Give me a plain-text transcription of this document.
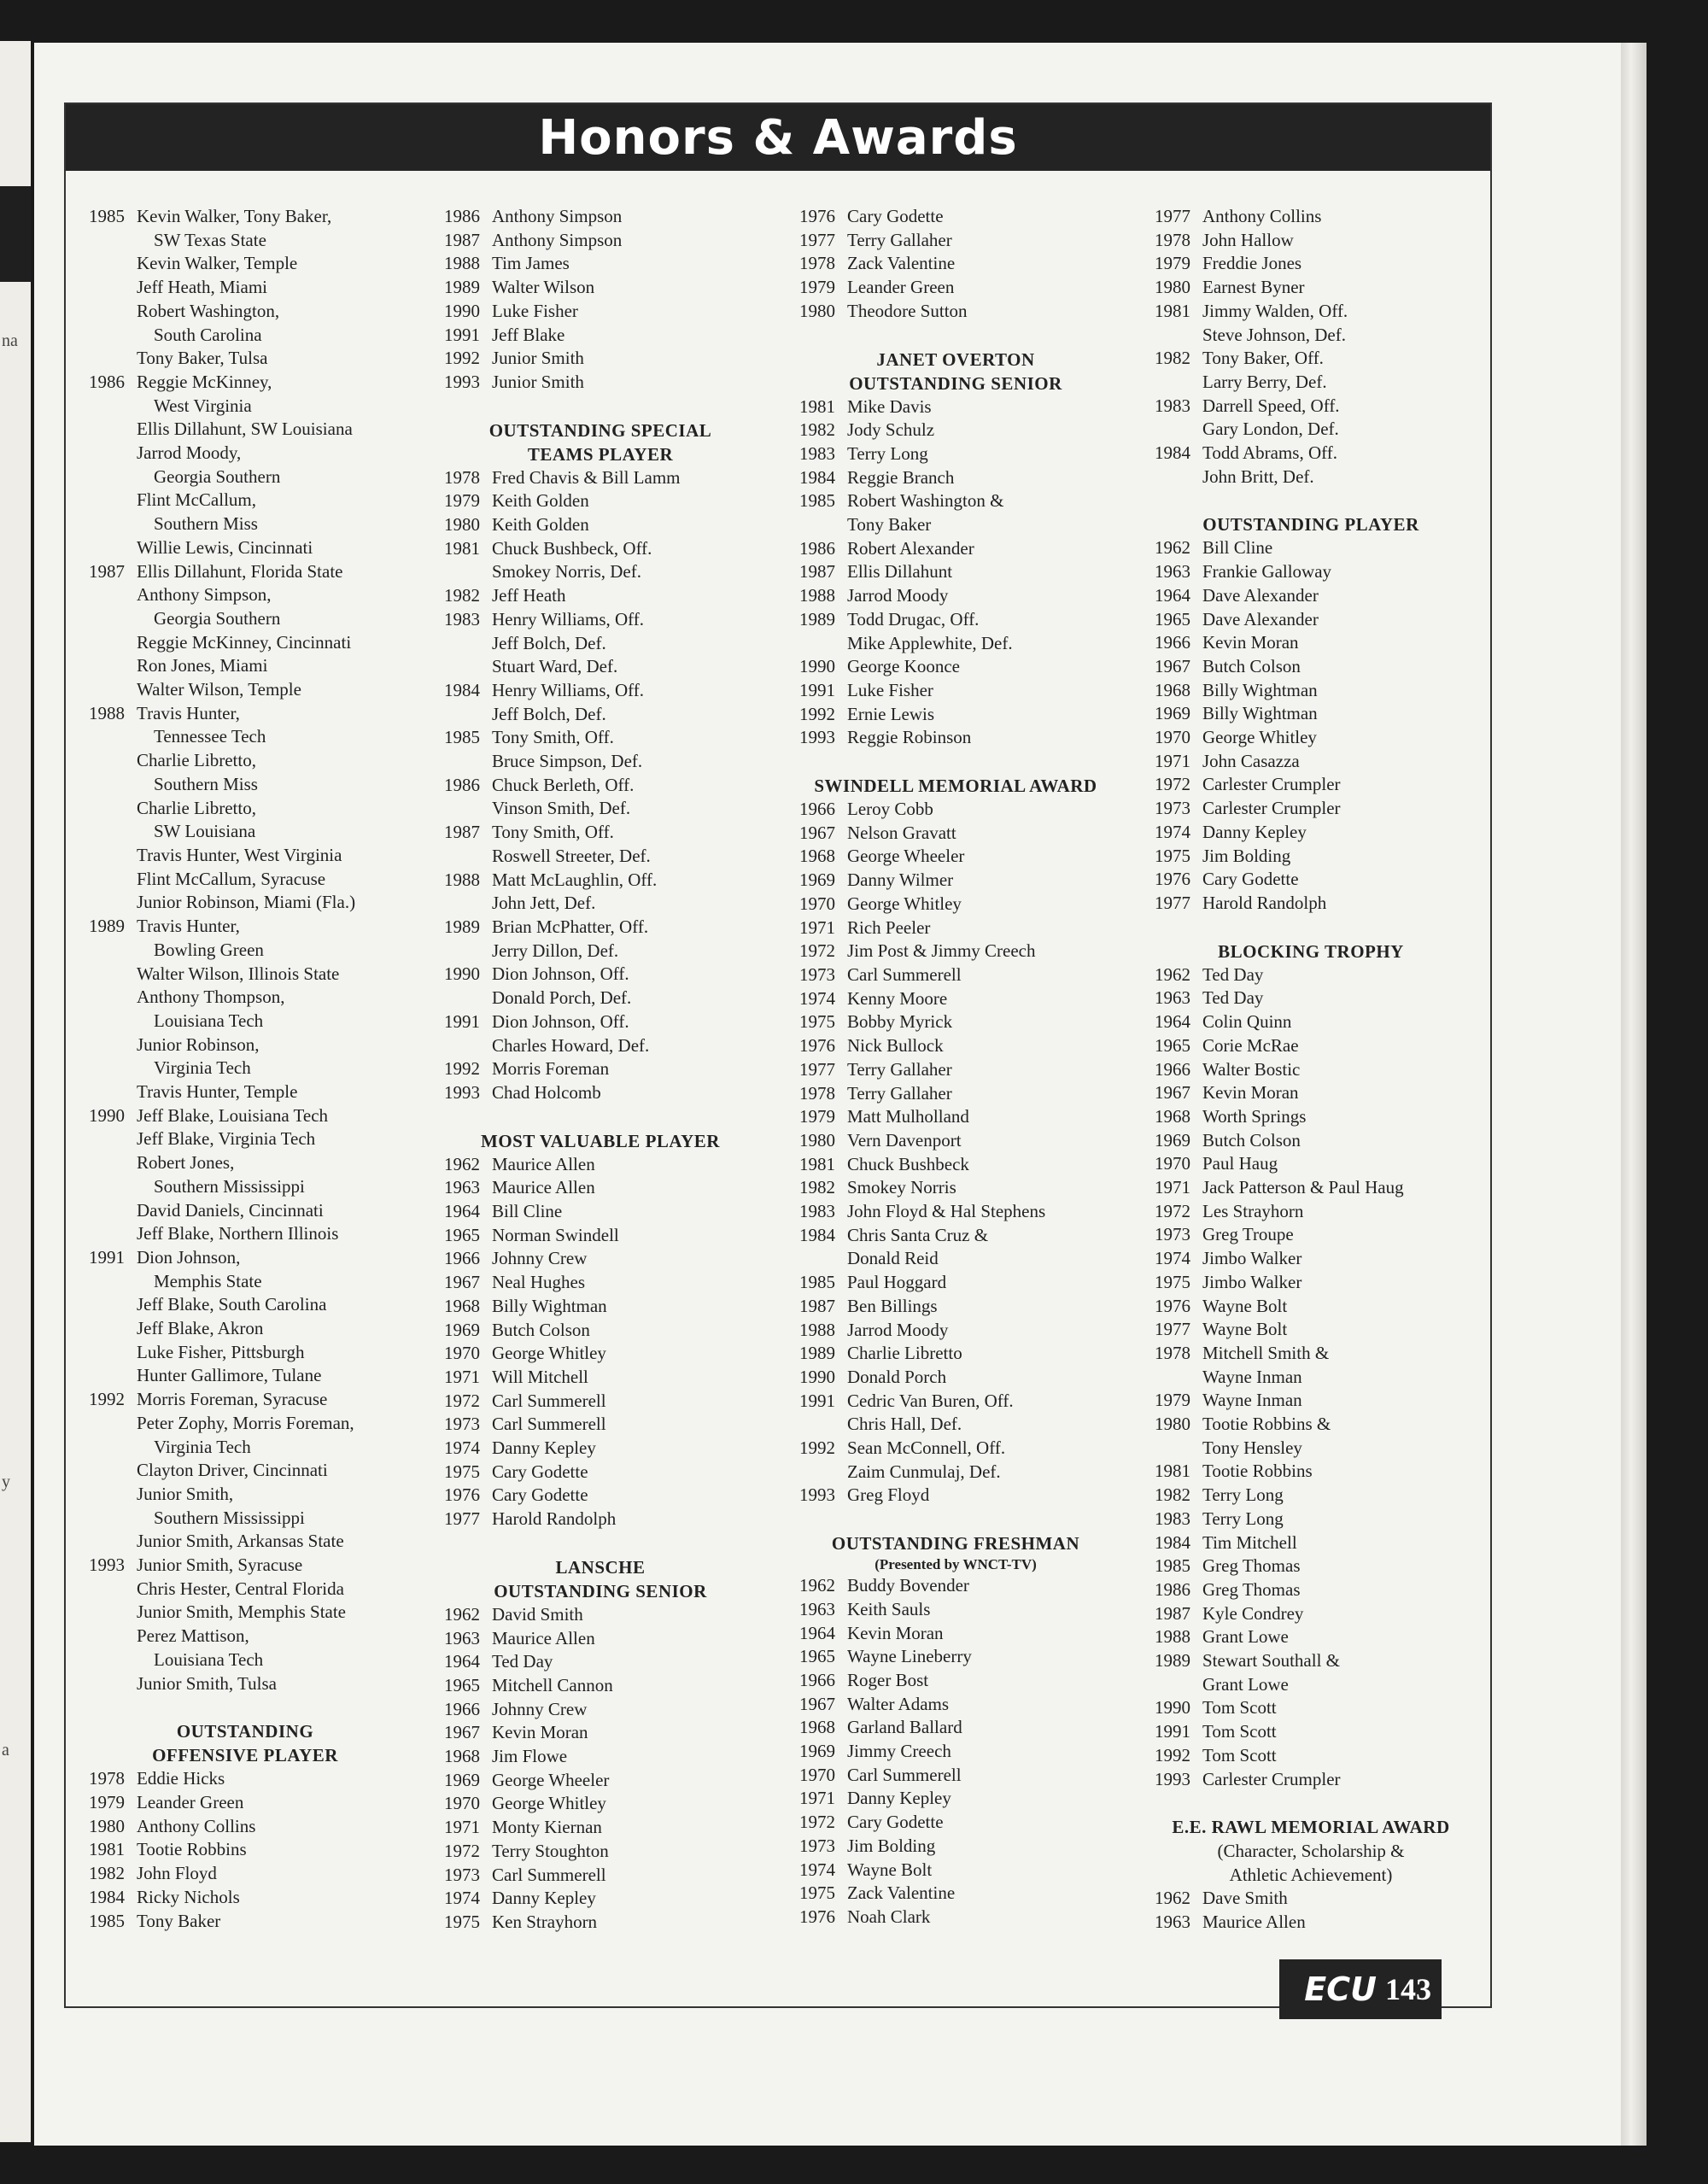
na
y
a
Honors & Awards
1985 Kevin Walker, Tony Baker,
SW Texas State
Kevin Walker, Temple
Jeff Heath, Miami
Robert Washington,
South Carolina
Tony Baker, Tulsa
1986 Reggie McKinney,
West Virginia
Ellis Dillahunt, SW Louisiana
Jarrod Moody,
Georgia Southern
Flint McCallum,
Southern Miss
Willie Lewis, Cincinnati
1987 Ellis Dillahunt, Florida State
Anthony Simpson,
Georgia Southern
Reggie McKinney, Cincinnati
Ron Jones, Miami
Walter Wilson, Temple
1988 Travis Hunter,
Tennessee Tech
Charlie Libretto,
Southern Miss
Charlie Libretto,
SW Louisiana
Travis Hunter, West Virginia
Flint McCallum, Syracuse
Junior Robinson, Miami (Fla.)
1989 Travis Hunter,
Bowling Green
Walter Wilson, Illinois State
Anthony Thompson,
Louisiana Tech
Junior Robinson,
Virginia Tech
Travis Hunter, Temple
1990 Jeff Blake, Louisiana Tech
Jeff Blake, Virginia Tech
Robert Jones,
Southern Mississippi
David Daniels, Cincinnati
Jeff Blake, Northern Illinois
1991 Dion Johnson,
Memphis State
Jeff Blake, South Carolina
Jeff Blake, Akron
Luke Fisher, Pittsburgh
Hunter Gallimore, Tulane
1992 Morris Foreman, Syracuse
Peter Zophy, Morris Foreman,
Virginia Tech
Clayton Driver, Cincinnati
Junior Smith,
Southern Mississippi
Junior Smith, Arkansas State
1993 Junior Smith, Syracuse
Chris Hester, Central Florida
Junior Smith, Memphis State
Perez Mattison,
Louisiana Tech
Junior Smith, Tulsa
OUTSTANDING
OFFENSIVE PLAYER
1978 Eddie Hicks
1979 Leander Green
1980 Anthony Collins
1981 Tootie Robbins
1982 John Floyd
1984 Ricky Nichols
1985 Tony Baker
1986 Anthony Simpson
1987 Anthony Simpson
1988 Tim James
1989 Walter Wilson
1990 Luke Fisher
1991 Jeff Blake
1992 Junior Smith
1993 Junior Smith
OUTSTANDING SPECIAL
TEAMS PLAYER
1978 Fred Chavis & Bill Lamm
1979 Keith Golden
1980 Keith Golden
1981 Chuck Bushbeck, Off.
Smokey Norris, Def.
1982 Jeff Heath
1983 Henry Williams, Off.
Jeff Bolch, Def.
Stuart Ward, Def.
1984 Henry Williams, Off.
Jeff Bolch, Def.
1985 Tony Smith, Off.
Bruce Simpson, Def.
1986 Chuck Berleth, Off.
Vinson Smith, Def.
1987 Tony Smith, Off.
Roswell Streeter, Def.
1988 Matt McLaughlin, Off.
John Jett, Def.
1989 Brian McPhatter, Off.
Jerry Dillon, Def.
1990 Dion Johnson, Off.
Donald Porch, Def.
1991 Dion Johnson, Off.
Charles Howard, Def.
1992 Morris Foreman
1993 Chad Holcomb
MOST VALUABLE PLAYER
1962 Maurice Allen
1963 Maurice Allen
1964 Bill Cline
1965 Norman Swindell
1966 Johnny Crew
1967 Neal Hughes
1968 Billy Wightman
1969 Butch Colson
1970 George Whitley
1971 Will Mitchell
1972 Carl Summerell
1973 Carl Summerell
1974 Danny Kepley
1975 Cary Godette
1976 Cary Godette
1977 Harold Randolph
LANSCHE
OUTSTANDING SENIOR
1962 David Smith
1963 Maurice Allen
1964 Ted Day
1965 Mitchell Cannon
1966 Johnny Crew
1967 Kevin Moran
1968 Jim Flowe
1969 George Wheeler
1970 George Whitley
1971 Monty Kiernan
1972 Terry Stoughton
1973 Carl Summerell
1974 Danny Kepley
1975 Ken Strayhorn
1976 Cary Godette
1977 Terry Gallaher
1978 Zack Valentine
1979 Leander Green
1980 Theodore Sutton
JANET OVERTON
OUTSTANDING SENIOR
1981 Mike Davis
1982 Jody Schulz
1983 Terry Long
1984 Reggie Branch
1985 Robert Washington &
Tony Baker
1986 Robert Alexander
1987 Ellis Dillahunt
1988 Jarrod Moody
1989 Todd Drugac, Off.
Mike Applewhite, Def.
1990 George Koonce
1991 Luke Fisher
1992 Ernie Lewis
1993 Reggie Robinson
SWINDELL MEMORIAL AWARD
1966 Leroy Cobb
1967 Nelson Gravatt
1968 George Wheeler
1969 Danny Wilmer
1970 George Whitley
1971 Rich Peeler
1972 Jim Post & Jimmy Creech
1973 Carl Summerell
1974 Kenny Moore
1975 Bobby Myrick
1976 Nick Bullock
1977 Terry Gallaher
1978 Terry Gallaher
1979 Matt Mulholland
1980 Vern Davenport
1981 Chuck Bushbeck
1982 Smokey Norris
1983 John Floyd & Hal Stephens
1984 Chris Santa Cruz &
Donald Reid
1985 Paul Hoggard
1987 Ben Billings
1988 Jarrod Moody
1989 Charlie Libretto
1990 Donald Porch
1991 Cedric Van Buren, Off.
Chris Hall, Def.
1992 Sean McConnell, Off.
Zaim Cunmulaj, Def.
1993 Greg Floyd
OUTSTANDING FRESHMAN
(Presented by WNCT-TV)
1962 Buddy Bovender
1963 Keith Sauls
1964 Kevin Moran
1965 Wayne Lineberry
1966 Roger Bost
1967 Walter Adams
1968 Garland Ballard
1969 Jimmy Creech
1970 Carl Summerell
1971 Danny Kepley
1972 Cary Godette
1973 Jim Bolding
1974 Wayne Bolt
1975 Zack Valentine
1976 Noah Clark
1977 Anthony Collins
1978 John Hallow
1979 Freddie Jones
1980 Earnest Byner
1981 Jimmy Walden, Off.
Steve Johnson, Def.
1982 Tony Baker, Off.
Larry Berry, Def.
1983 Darrell Speed, Off.
Gary London, Def.
1984 Todd Abrams, Off.
John Britt, Def.
OUTSTANDING PLAYER
1962 Bill Cline
1963 Frankie Galloway
1964 Dave Alexander
1965 Dave Alexander
1966 Kevin Moran
1967 Butch Colson
1968 Billy Wightman
1969 Billy Wightman
1970 George Whitley
1971 John Casazza
1972 Carlester Crumpler
1973 Carlester Crumpler
1974 Danny Kepley
1975 Jim Bolding
1976 Cary Godette
1977 Harold Randolph
BLOCKING TROPHY
1962 Ted Day
1963 Ted Day
1964 Colin Quinn
1965 Corie McRae
1966 Walter Bostic
1967 Kevin Moran
1968 Worth Springs
1969 Butch Colson
1970 Paul Haug
1971 Jack Patterson & Paul Haug
1972 Les Strayhorn
1973 Greg Troupe
1974 Jimbo Walker
1975 Jimbo Walker
1976 Wayne Bolt
1977 Wayne Bolt
1978 Mitchell Smith &
Wayne Inman
1979 Wayne Inman
1980 Tootie Robbins &
Tony Hensley
1981 Tootie Robbins
1982 Terry Long
1983 Terry Long
1984 Tim Mitchell
1985 Greg Thomas
1986 Greg Thomas
1987 Kyle Condrey
1988 Grant Lowe
1989 Stewart Southall &
Grant Lowe
1990 Tom Scott
1991 Tom Scott
1992 Tom Scott
1993 Carlester Crumpler
E.E. RAWL MEMORIAL AWARD
(Character, Scholarship &
Athletic Achievement)
1962 Dave Smith
1963 Maurice Allen
ECU 143
